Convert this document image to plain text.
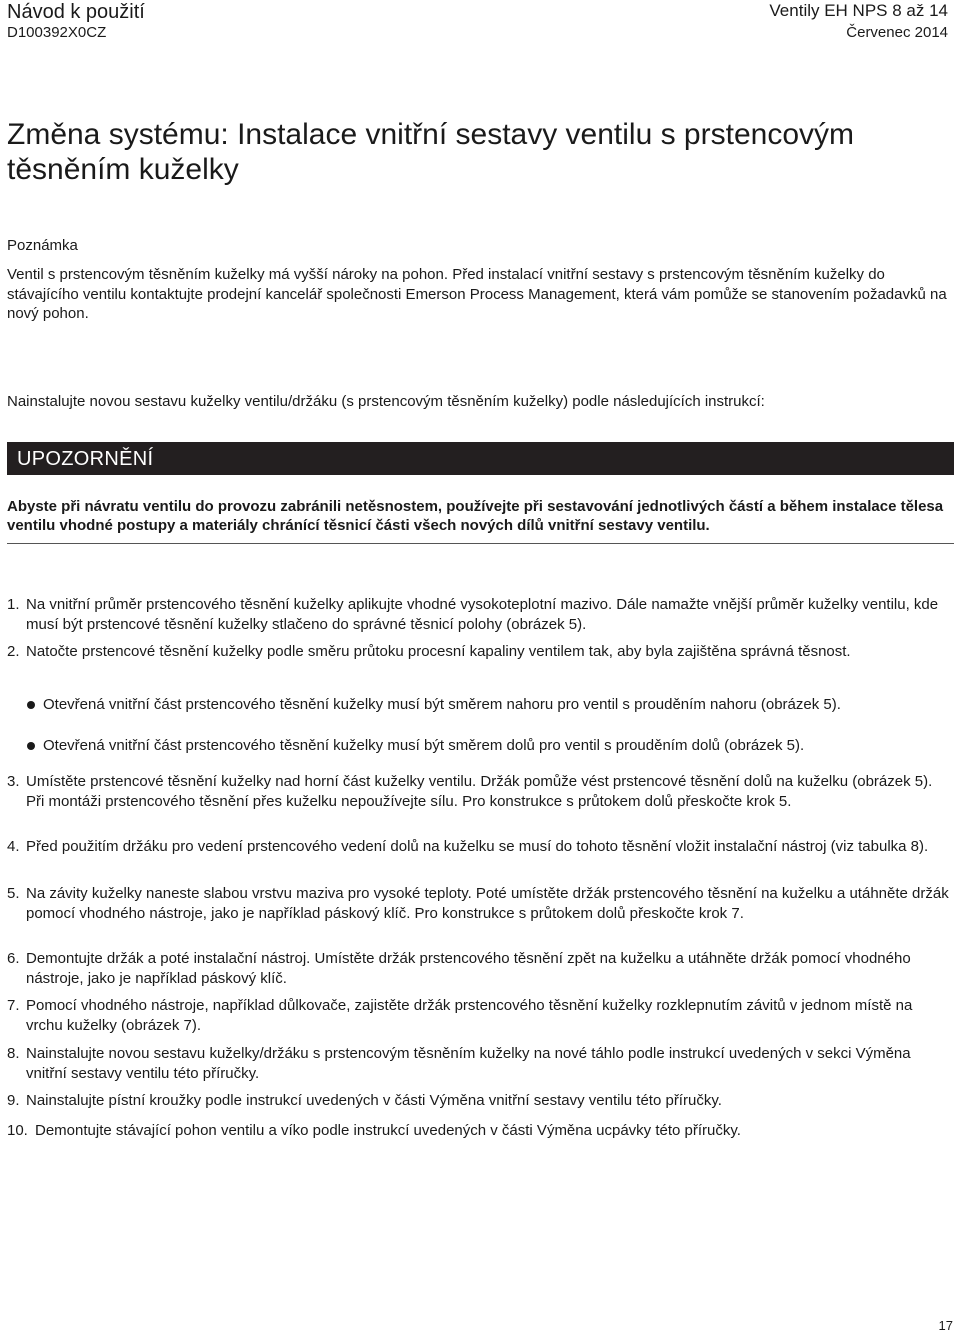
Návod k použití
D100392X0CZ
Ventily EH NPS 8 až 14
Červenec 2014
Změna systému: Instalace vnitřní sestavy ventilu s prstencovým těsněním kuželky
Poznámka
Ventil s prstencovým těsněním kuželky má vyšší nároky na pohon. Před instalací vnitřní sestavy s prstencovým těsněním kuželky do stávajícího ventilu kontaktujte prodejní kancelář společnosti Emerson Process Management, která vám pomůže se stanovením požadavků na nový pohon.
Nainstalujte novou sestavu kuželky ventilu/držáku (s prstencovým těsněním kuželky) podle následujících instrukcí:
UPOZORNĚNÍ
Abyste při návratu ventilu do provozu zabránili netěsnostem, používejte při sestavování jednotlivých částí a během instalace tělesa ventilu vhodné postupy a materiály chránící těsnicí části všech nových dílů vnitřní sestavy ventilu.
1. Na vnitřní průměr prstencového těsnění kuželky aplikujte vhodné vysokoteplotní mazivo. Dále namažte vnější průměr kuželky ventilu, kde musí být prstencové těsnění kuželky stlačeno do správné těsnicí polohy (obrázek 5).
2. Natočte prstencové těsnění kuželky podle směru průtoku procesní kapaliny ventilem tak, aby byla zajištěna správná těsnost.
Otevřená vnitřní část prstencového těsnění kuželky musí být směrem nahoru pro ventil s prouděním nahoru (obrázek 5).
Otevřená vnitřní část prstencového těsnění kuželky musí být směrem dolů pro ventil s prouděním dolů (obrázek 5).
3. Umístěte prstencové těsnění kuželky nad horní část kuželky ventilu. Držák pomůže vést prstencové těsnění dolů na kuželku (obrázek 5). Při montáži prstencového těsnění přes kuželku nepoužívejte sílu. Pro konstrukce s průtokem dolů přeskočte krok 5.
4. Před použitím držáku pro vedení prstencového vedení dolů na kuželku se musí do tohoto těsnění vložit instalační nástroj (viz tabulka 8).
5. Na závity kuželky naneste slabou vrstvu maziva pro vysoké teploty. Poté umístěte držák prstencového těsnění na kuželku a utáhněte držák pomocí vhodného nástroje, jako je například páskový klíč. Pro konstrukce s průtokem dolů přeskočte krok 7.
6. Demontujte držák a poté instalační nástroj. Umístěte držák prstencového těsnění zpět na kuželku a utáhněte držák pomocí vhodného nástroje, jako je například páskový klíč.
7. Pomocí vhodného nástroje, například důlkovače, zajistěte držák prstencového těsnění kuželky rozklepnutím závitů v jednom místě na vrchu kuželky (obrázek 7).
8. Nainstalujte novou sestavu kuželky/držáku s prstencovým těsněním kuželky na nové táhlo podle instrukcí uvedených v sekci Výměna vnitřní sestavy ventilu této příručky.
9. Nainstalujte pístní kroužky podle instrukcí uvedených v části Výměna vnitřní sestavy ventilu této příručky.
10. Demontujte stávající pohon ventilu a víko podle instrukcí uvedených v části Výměna ucpávky této příručky.
17
